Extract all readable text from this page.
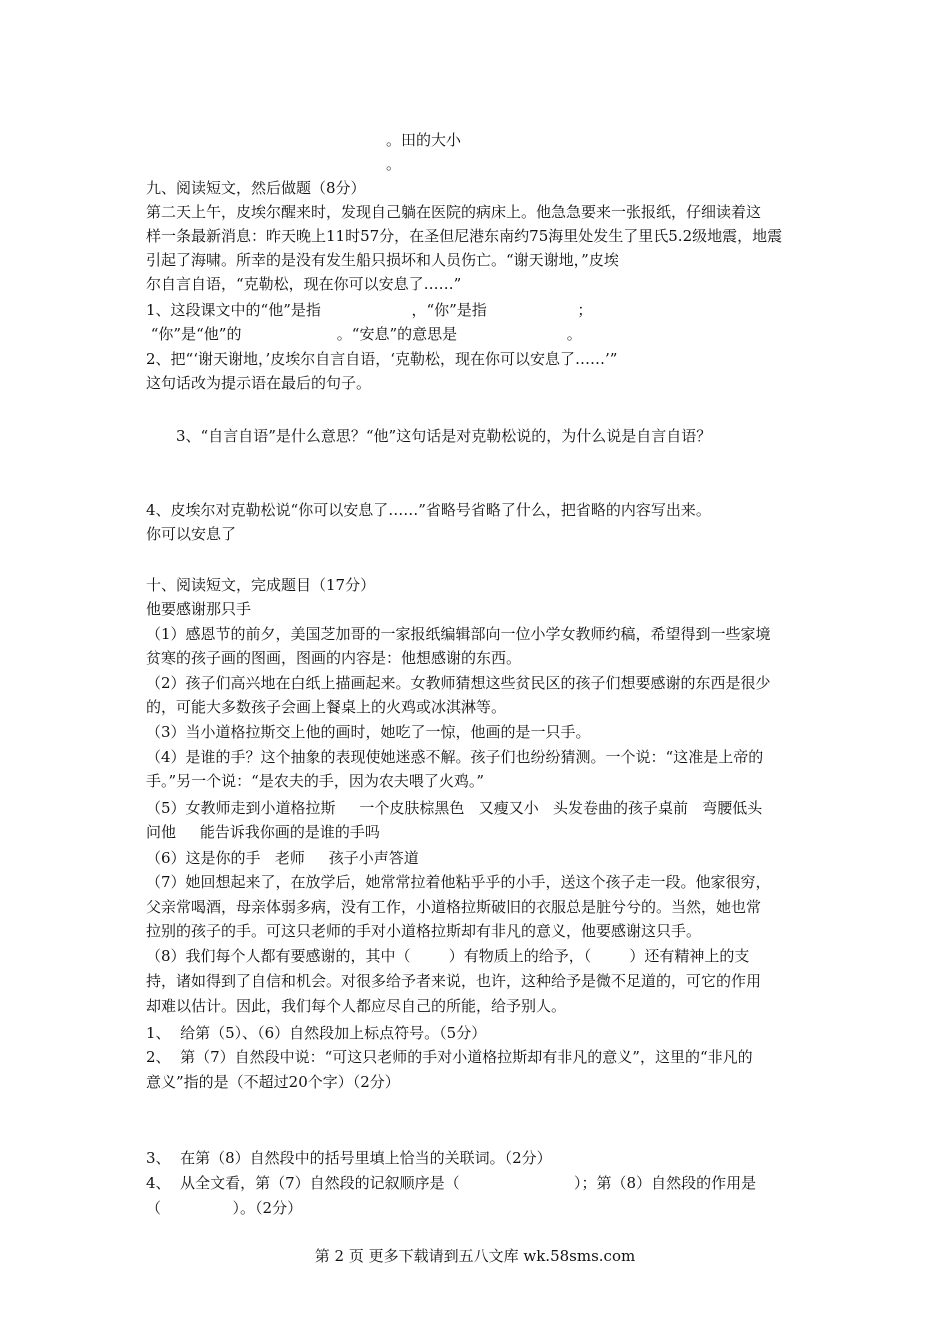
。田的大小
。
九、阅读短文，然后做题（8分）
第二天上午，皮埃尔醒来时，发现自己躺在医院的病床上。他急急要来一张报纸，仔细读着这
样一条最新消息：昨天晚上11时57分，在圣但尼港东南约75海里处发生了里氏5.2级地震，地震
引起了海啸。所幸的是没有发生船只损坏和人员伤亡。“谢天谢地，”皮埃
尔自言自语，“克勒松，现在你可以安息了……”
1、这段课文中的“他”是指                   ，“你”是指                   ；
“你”是“他”的                    。“安息”的意思是                       。
2、把“‘谢天谢地，’皮埃尔自言自语，‘克勒松，现在你可以安息了……’”
这句话改为提示语在最后的句子。
3、“自言自语”是什么意思？“他”这句话是对克勒松说的，为什么说是自言自语？
4、皮埃尔对克勒松说“你可以安息了……”省略号省略了什么，把省略的内容写出来。
你可以安息了
十、阅读短文，完成题目（17分）
他要感谢那只手
（1）感恩节的前夕，美国芝加哥的一家报纸编辑部向一位小学女教师约稿，希望得到一些家境
贫寒的孩子画的图画，图画的内容是：他想感谢的东西。
（2）孩子们高兴地在白纸上描画起来。女教师猜想这些贫民区的孩子们想要感谢的东西是很少
的，可能大多数孩子会画上餐桌上的火鸡或冰淇淋等。
（3）当小道格拉斯交上他的画时，她吃了一惊，他画的是一只手。
（4）是谁的手？这个抽象的表现使她迷惑不解。孩子们也纷纷猜测。一个说：“这准是上帝的
手。”另一个说：“是农夫的手，因为农夫喂了火鸡。”
（5）女教师走到小道格拉斯     一个皮肤棕黑色   又瘦又小   头发卷曲的孩子桌前   弯腰低头
问他     能告诉我你画的是谁的手吗
（6）这是你的手   老师     孩子小声答道
（7）她回想起来了，在放学后，她常常拉着他粘乎乎的小手，送这个孩子走一段。他家很穷，
父亲常喝酒，母亲体弱多病，没有工作，小道格拉斯破旧的衣服总是脏兮兮的。当然，她也常
拉别的孩子的手。可这只老师的手对小道格拉斯却有非凡的意义，他要感谢这只手。
（8）我们每个人都有要感谢的，其中（        ）有物质上的给予，（        ）还有精神上的支
持，诸如得到了自信和机会。对很多给予者来说，也许，这种给予是微不足道的，可它的作用
却难以估计。因此，我们每个人都应尽自己的所能，给予别人。
1、  给第（5）、（6）自然段加上标点符号。（5分）
2、  第（7）自然段中说：“可这只老师的手对小道格拉斯却有非凡的意义”，这里的“非凡的
意义”指的是（不超过20个字）（2分）
3、  在第（8）自然段中的括号里填上恰当的关联词。（2分）
4、  从全文看，第（7）自然段的记叙顺序是（                        ）；第（8）自然段的作用是
（               ）。（2分）
第 2 页 更多下载请到五八文库 wk.58sms.com
